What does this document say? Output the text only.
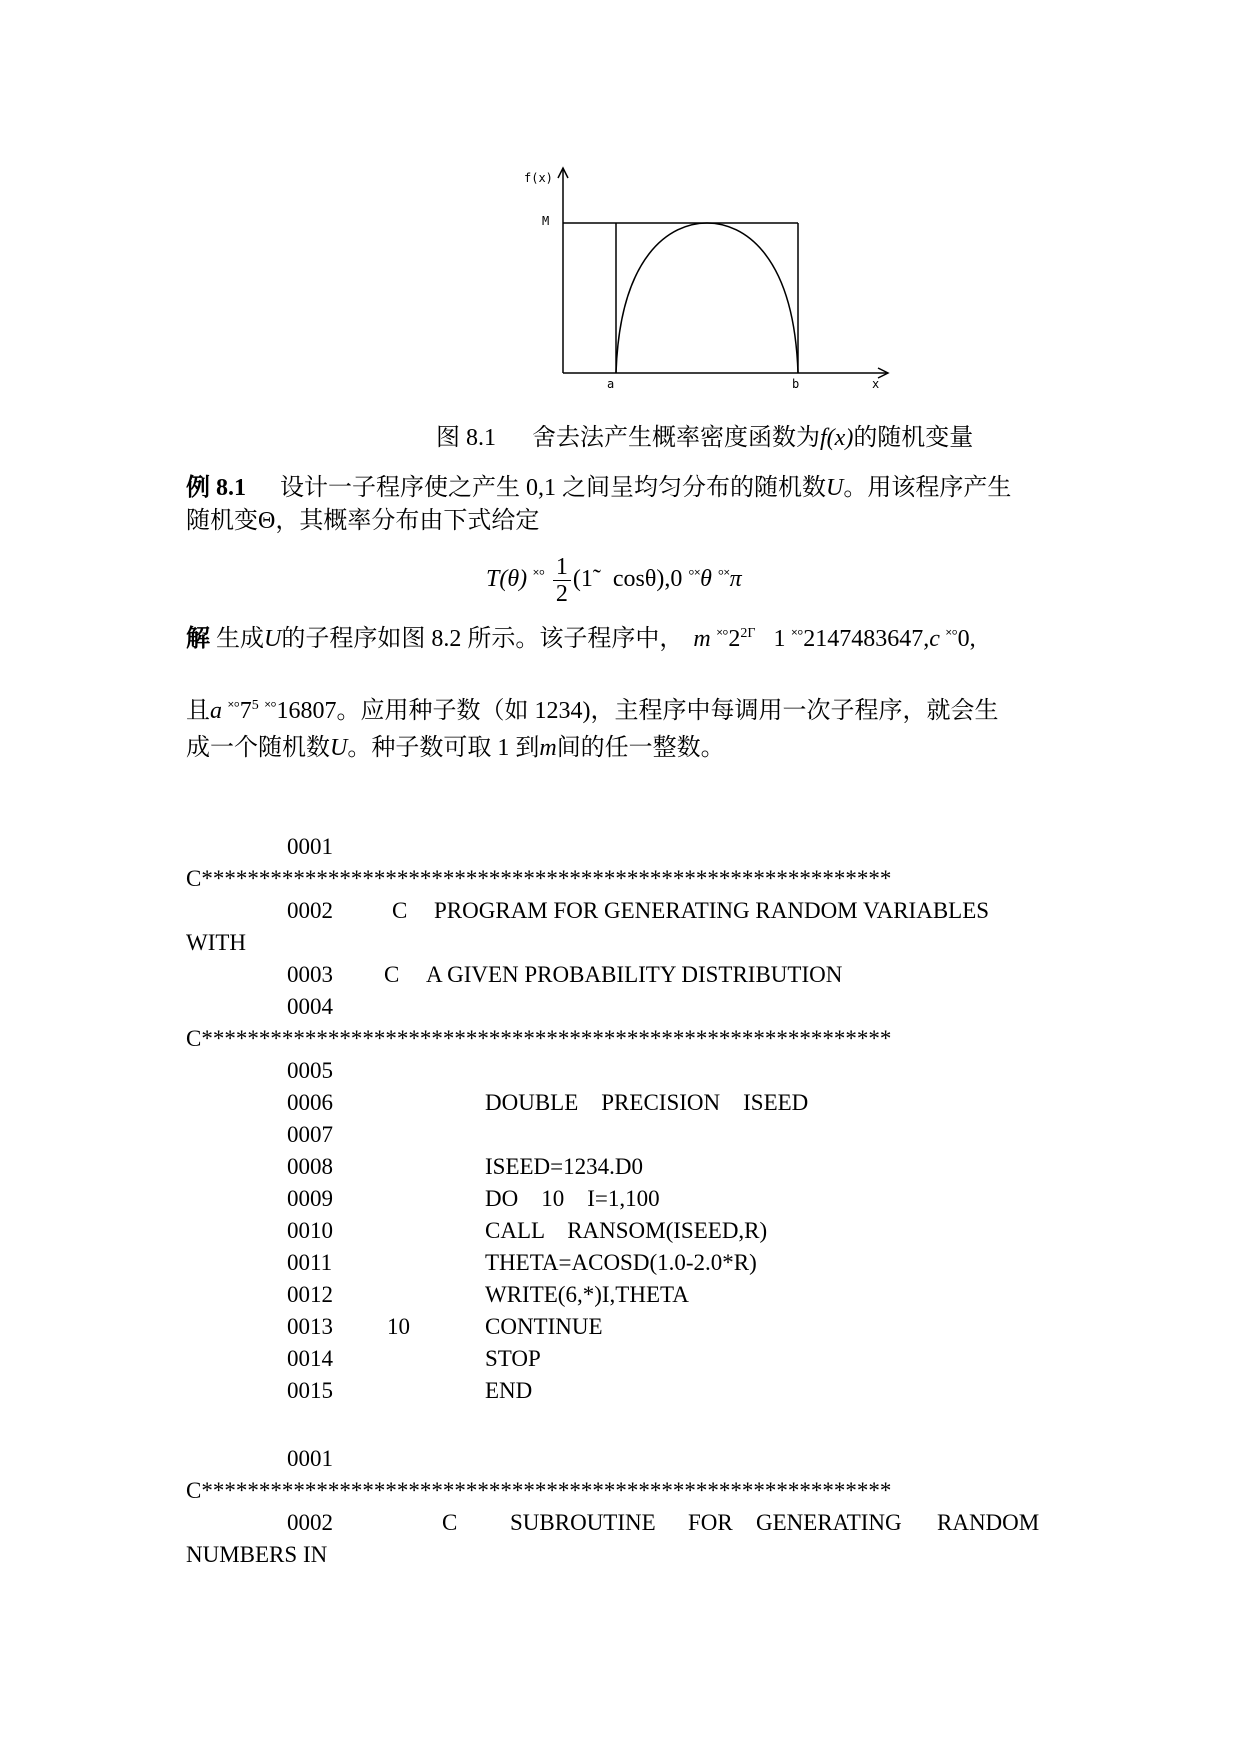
f(x)
M
a	b	x
图 8.1 舍去法产生概率密度函数为f(x)的随机变量
例 8.1 设计一子程序使之产生 0,1 之间呈均匀分布的随机数U。用该程序产生
随机变Θ，其概率分布由下式给定
T(θ) $^{˟^\circ} \frac{1}{2}$ (1̃ cosθ),0 °˟θ °˟π
解 生成U的子程序如图 8.2 所示。该子程序中， m $^{˟^\circ}2^{2\Gamma}$ 1 ˟°2147483647,c ˟°0,
且a $^{˟^\circ}7^5$ ˟°16807。应用种子数（如 1234)，主程序中每调用一次子程序，就会生
成一个随机数U。种子数可取 1 到m间的任一整数。
0001
C************************************************************
0002	C PROGRAM FOR GENERATING RANDOM VARIABLES
WITH
0003 C A GIVEN PROBABILITY DISTRIBUTION
0004
C************************************************************
0005
0006	DOUBLE    PRECISION    ISEED
0007
0008	ISEED=1234.D0
0009	DO    10    I=1,100
0010	CALL    RANSOM(ISEED,R)
0011	THETA=ACOSD(1.0-2.0*R)
0012	WRITE(6,*)I,THETA
0013 10	CONTINUE
0014	STOP
0015	END
0001
C************************************************************
0002	C SUBROUTINE FOR GENERATING RANDOM
NUMBERS IN
